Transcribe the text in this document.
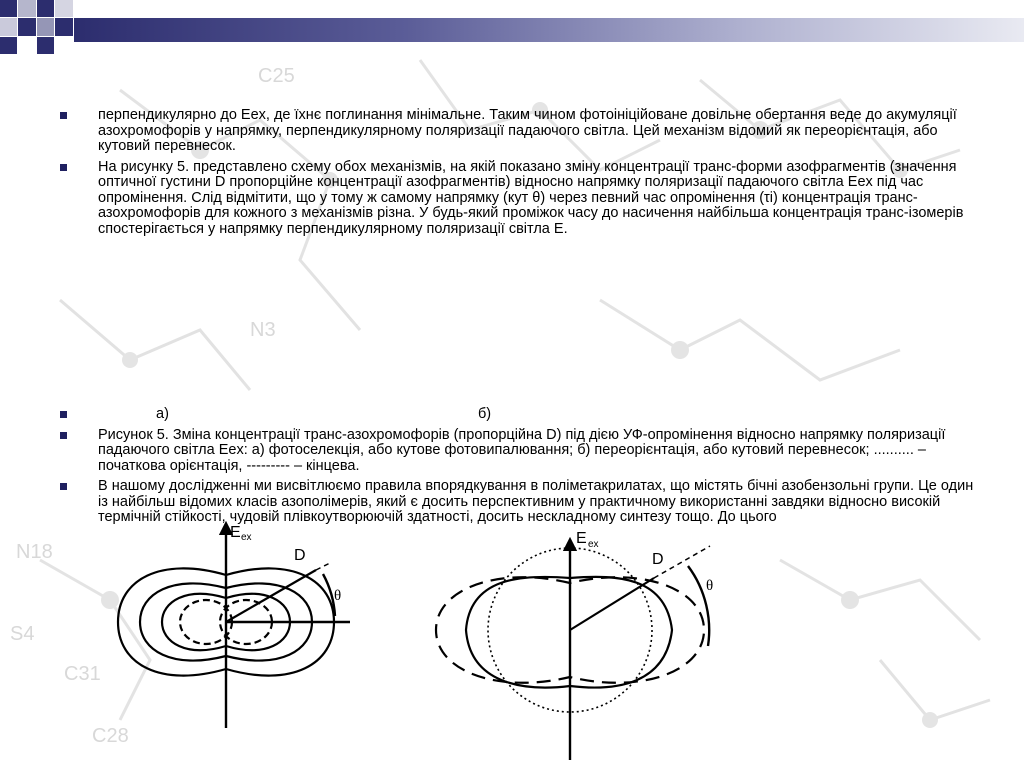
C25
N3
N18
S4
C31
C28
перпендикулярно до Eex, де їхнє поглинання мінімальне. Таким чином фотоініційоване довільне обертання веде до акумуляції азохромофорів у напрямку, перпендикулярному поляризації падаючого світла. Цей механізм відомий як переорієнтація, або кутовий перевнесок.
На рисунку 5. представлено схему обох механізмів, на якій показано зміну концентрації транс-форми азофрагментів (значення оптичної густини D пропорційне концентрації азофрагментів) відносно напрямку поляризації падаючого світла Eex під час опромінення. Слід відмітити, що у тому ж самому напрямку (кут θ) через певний час опромінення (τі) концентрація транс-азохромофорів для кожного з механізмів різна. У будь-який проміжок часу до насичення найбільша концентрація транс-ізомерів спостерігається у напрямку перпендикулярному поляризації світла E.
а)	б)
Рисунок 5. Зміна концентрації транс-азохромофорів (пропорційна D) під дією УФ-опромінення відносно напрямку поляризації падаючого світла Eex: а) фотоселекція, або кутове фотовипалювання; б) переорієнтація, або кутовий перевнесок; .......... – початкова орієнтація, --------- – кінцева.
В нашому дослідженні ми висвітлюємо правила впорядкування в поліметакрилатах, що містять бічні азобензольні групи. Це один із найбільш відомих класів азополімерів, який є досить перспективним у практичному використанні завдяки відносно високій термічній стійкості, чудовій плівкоутворюючій здатності, досить нескладному синтезу тощо. До цього
E ex
D
θ
E ex
D
θ
